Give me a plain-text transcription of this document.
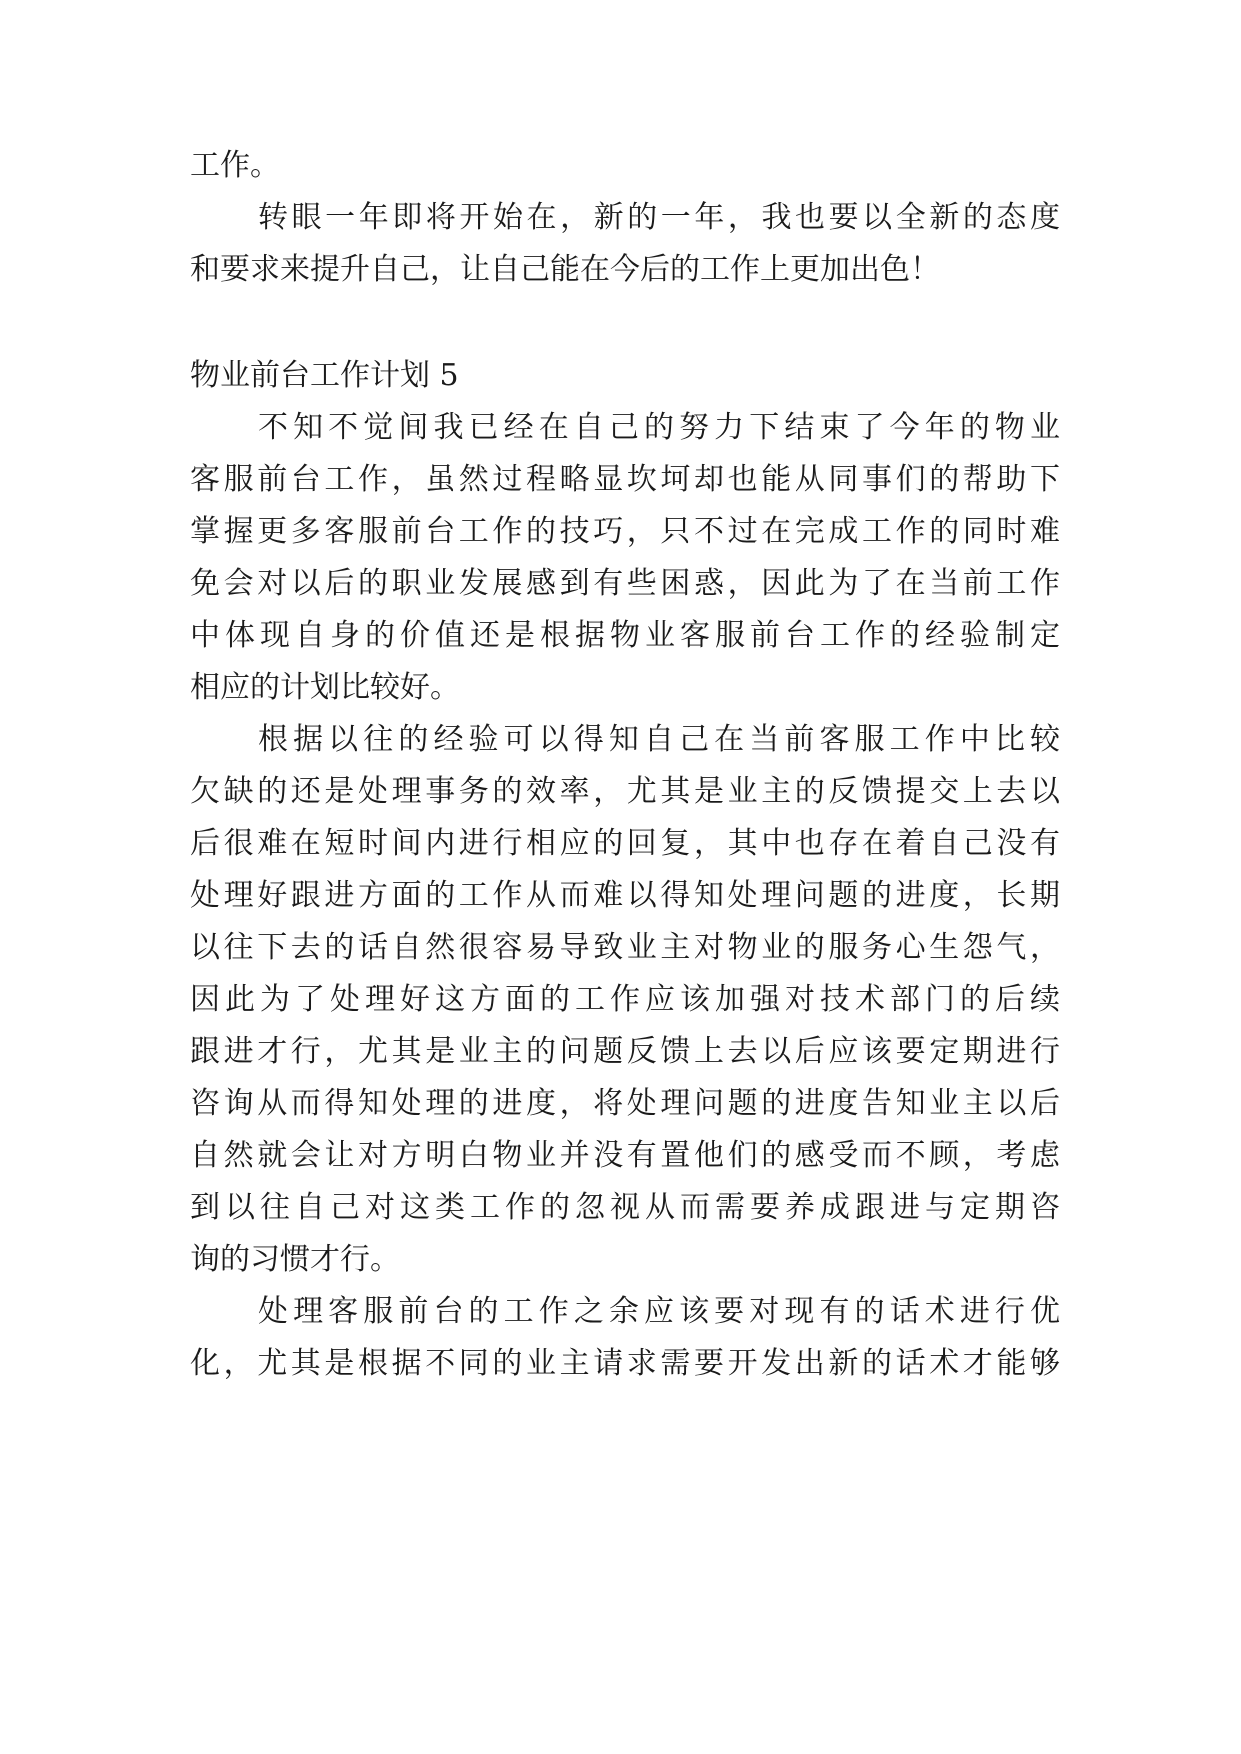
工作。
转眼一年即将开始在，新的一年，我也要以全新的态度
和要求来提升自己，让自己能在今后的工作上更加出色！
物业前台工作计划 5
不知不觉间我已经在自己的努力下结束了今年的物业
客服前台工作，虽然过程略显坎坷却也能从同事们的帮助下
掌握更多客服前台工作的技巧，只不过在完成工作的同时难
免会对以后的职业发展感到有些困惑，因此为了在当前工作
中体现自身的价值还是根据物业客服前台工作的经验制定
相应的计划比较好。
根据以往的经验可以得知自己在当前客服工作中比较
欠缺的还是处理事务的效率，尤其是业主的反馈提交上去以
后很难在短时间内进行相应的回复，其中也存在着自己没有
处理好跟进方面的工作从而难以得知处理问题的进度，长期
以往下去的话自然很容易导致业主对物业的服务心生怨气，
因此为了处理好这方面的工作应该加强对技术部门的后续
跟进才行，尤其是业主的问题反馈上去以后应该要定期进行
咨询从而得知处理的进度，将处理问题的进度告知业主以后
自然就会让对方明白物业并没有置他们的感受而不顾，考虑
到以往自己对这类工作的忽视从而需要养成跟进与定期咨
询的习惯才行。
处理客服前台的工作之余应该要对现有的话术进行优
化，尤其是根据不同的业主请求需要开发出新的话术才能够
